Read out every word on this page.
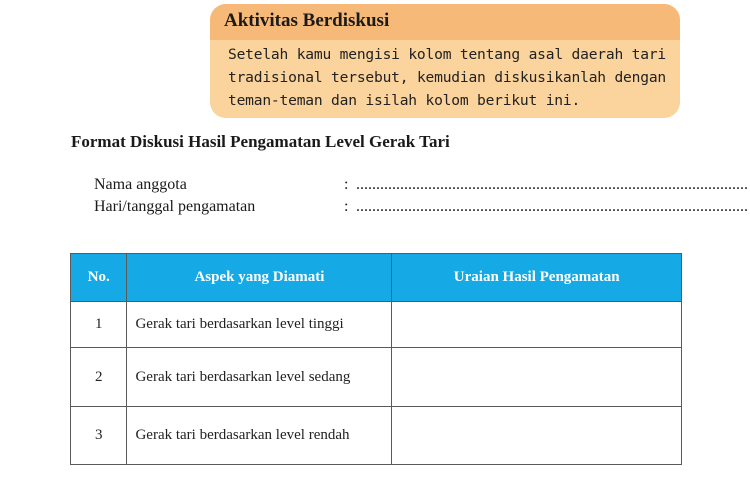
Aktivitas Berdiskusi
Setelah kamu mengisi kolom tentang asal daerah tari tradisional tersebut, kemudian diskusikanlah dengan teman-teman dan isilah kolom berikut ini.
Format Diskusi Hasil Pengamatan Level Gerak Tari
Nama anggota	: ..................................................................................................
Hari/tanggal pengamatan	: ..................................................................................................
No.	Aspek yang Diamati	Uraian Hasil Pengamatan
1	Gerak tari berdasarkan level tinggi	
2	Gerak tari berdasarkan level sedang	
3	Gerak tari berdasarkan level rendah	
